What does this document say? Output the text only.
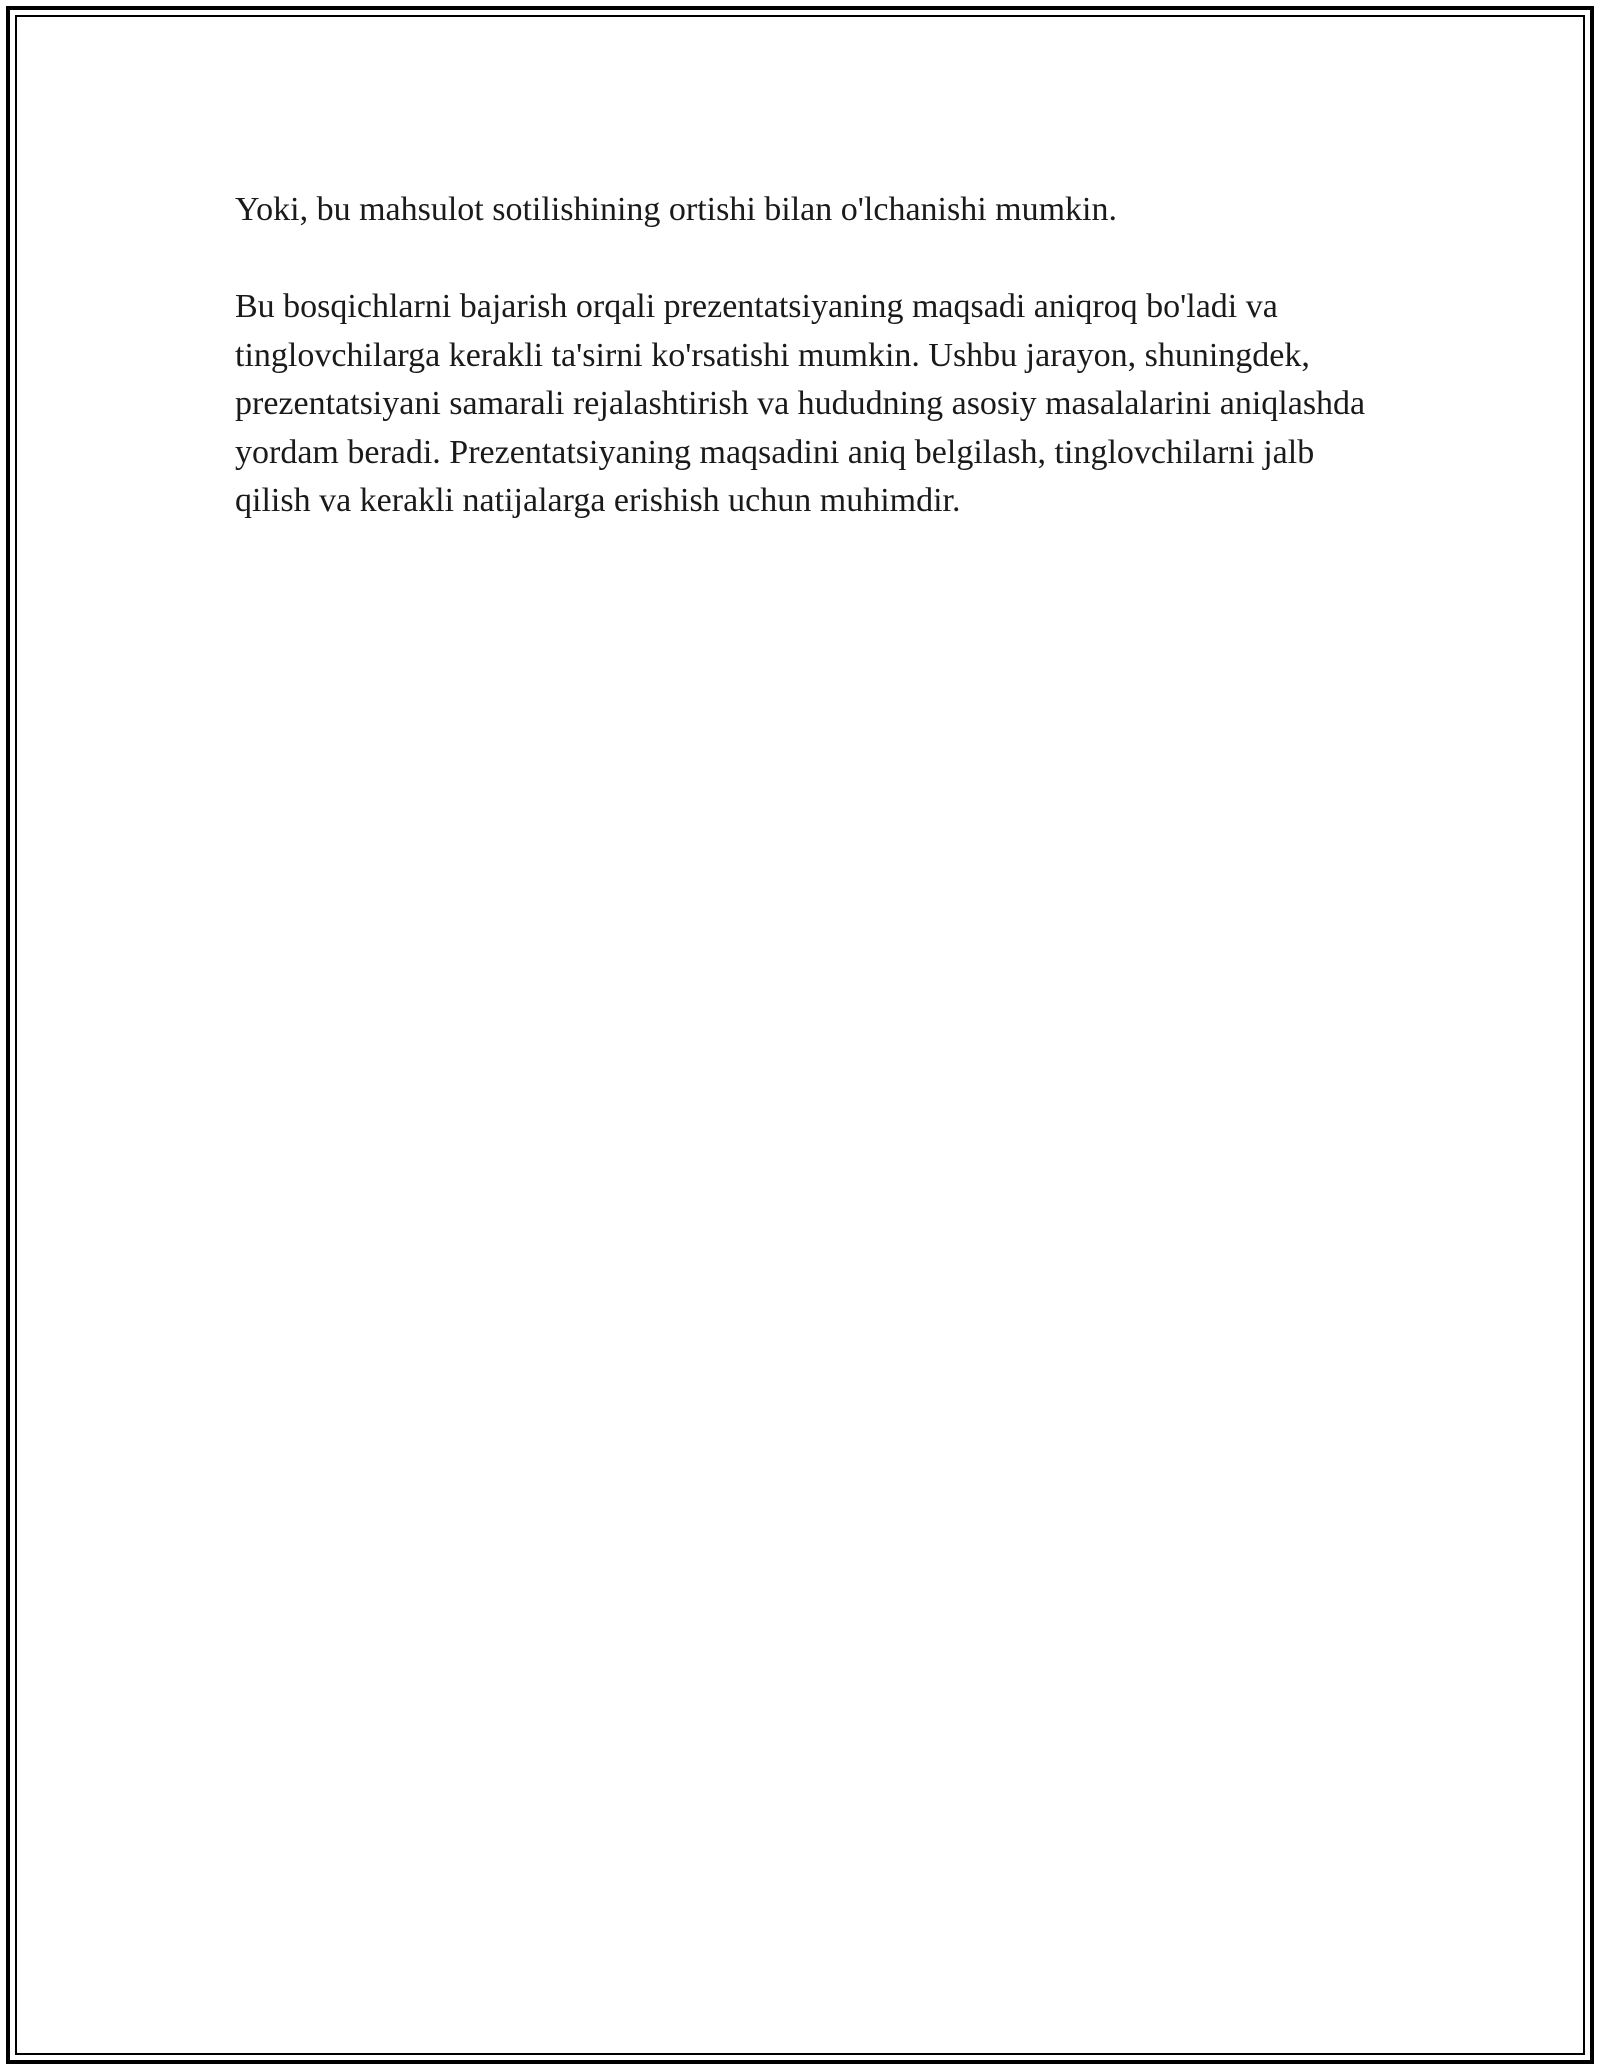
Yoki, bu mahsulot sotilishining ortishi bilan o'lchanishi mumkin.

Bu bosqichlarni bajarish orqali prezentatsiyaning maqsadi aniqroq bo'ladi va tinglovchilarga kerakli ta'sirni ko'rsatishi mumkin. Ushbu jarayon, shuningdek, prezentatsiyani samarali rejalashtirish va hududning asosiy masalalarini aniqlashda yordam beradi. Prezentatsiyaning maqsadini aniq belgilash, tinglovchilarni jalb qilish va kerakli natijalarga erishish uchun muhimdir.
